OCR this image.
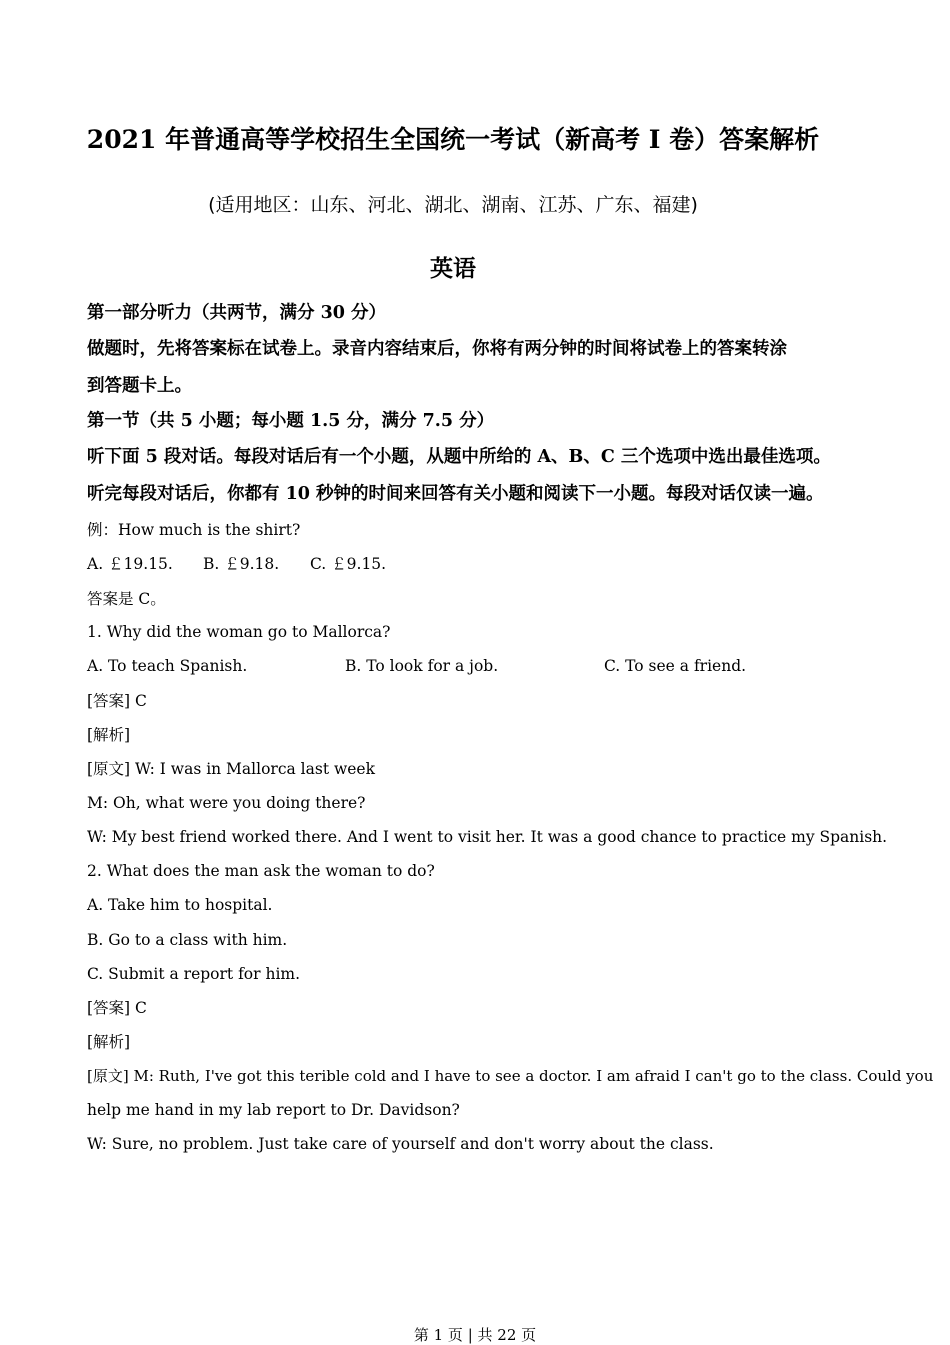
2021 年普通高等学校招生全国统一考试（新高考 I 卷）答案解析
(适用地区：山东、河北、湖北、湖南、江苏、广东、福建)
英语
第一部分听力（共两节，满分 30 分）
做题时，先将答案标在试卷上。录音内容结束后，你将有两分钟的时间将试卷上的答案转涂
到答题卡上。
第一节（共 5 小题；每小题 1.5 分，满分 7.5 分）
听下面 5 段对话。每段对话后有一个小题，从题中所给的 A、B、C 三个选项中选出最佳选项。
听完每段对话后，你都有 10 秒钟的时间来回答有关小题和阅读下一小题。每段对话仅读一遍。
例：How much is the shirt?
A. ￡19.15. B. ￡9.18. C. ￡9.15.
答案是 C。
1. Why did the woman go to Mallorca?
A. To teach Spanish.	B. To look for a job.	C. To see a friend.
[答案] C
[解析]
[原文] W: I was in Mallorca last week
M: Oh, what were you doing there?
W: My best friend worked there. And I went to visit her. It was a good chance to practice my Spanish.
2. What does the man ask the woman to do?
A. Take him to hospital.
B. Go to a class with him.
C. Submit a report for him.
[答案] C
[解析]
[原文] M: Ruth, I've got this terible cold and I have to see a doctor. I am afraid I can't go to the class. Could you
help me hand in my lab report to Dr. Davidson?
W: Sure, no problem. Just take care of yourself and don't worry about the class.
第 1 页 | 共 22 页
